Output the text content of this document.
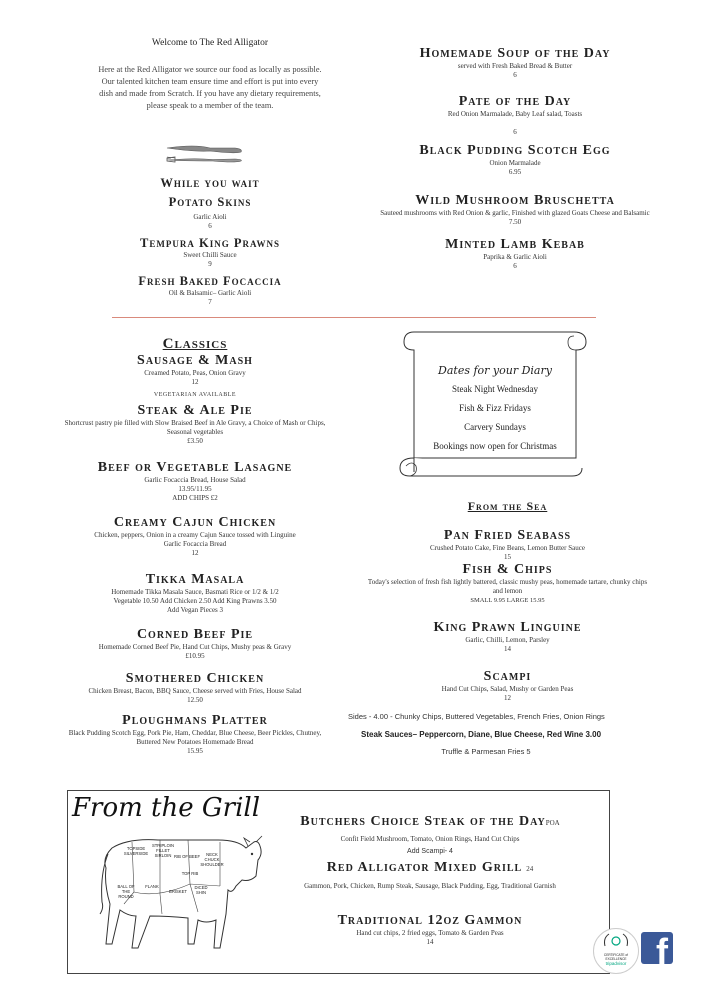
Welcome to The Red Alligator
Here at the Red Alligator we source our food as locally as possible. Our talented kitchen team ensure time and effort is put into every dish and made from Scratch. If you have any dietary requirements, please speak to a member of the team.
While you wait
Potato Skins
Garlic Aioli
6
Tempura King Prawns
Sweet Chilli Sauce
9
Fresh Baked Focaccia
Oil & Balsamic– Garlic Aioli
7
Homemade Soup of the Day
served with Fresh Baked Bread & Butter
6
Pate of the Day
Red Onion Marmalade, Baby Leaf salad, Toasts
6
Black Pudding Scotch Egg
Onion Marmalade
6.95
Wild Mushroom Bruschetta
Sauteed mushrooms with Red Onion & garlic, Finished with glazed Goats Cheese and Balsamic
7.50
Minted Lamb Kebab
Paprika & Garlic Aioli
6
Classics
Sausage & Mash
Creamed Potato, Peas, Onion Gravy
12
VEGETARIAN AVAILABLE
Steak & Ale Pie
Shortcrust pastry pie filled with Slow Braised Beef in Ale Gravy, a Choice of Mash or Chips, Seasonal vegetables
£3.50
Beef or Vegetable Lasagne
Garlic Focaccia Bread, House Salad
13.95/11.95
ADD CHIPS £2
Creamy Cajun Chicken
Chicken, peppers, Onion in a creamy Cajun Sauce tossed with Linguine
Garlic Focaccia Bread
12
Tikka Masala
Homemade Tikka Masala Sauce, Basmati Rice or 1/2 & 1/2
Vegetable 10.50 Add Chicken 2.50 Add King Prawns 3.50
Add Vegan Pieces 3
Corned Beef Pie
Homemade Corned Beef Pie, Hand Cut Chips, Mushy peas & Gravy
£10.95
Smothered Chicken
Chicken Breast, Bacon, BBQ Sauce, Cheese served with Fries, House Salad
12.50
Ploughmans Platter
Black Pudding Scotch Egg, Pork Pie, Ham, Cheddar, Blue Cheese, Beer Pickles, Chutney, Buttered New Potatoes Homemade Bread
15.95
Dates for your Diary
Steak Night Wednesday
Fish & Fizz Fridays
Carvery Sundays
Bookings now open for Christmas
From the Sea
Pan Fried Seabass
Crushed Potato Cake, Fine Beans, Lemon Butter Sauce
15
Fish & Chips
Today's selection of fresh fish lightly battered, classic mushy peas, homemade tartare, chunky chips and lemon
SMALL 9.95 LARGE 15.95
King Prawn Linguine
Garlic, Chilli, Lemon, Parsley
14
Scampi
Hand Cut Chips, Salad, Mushy or Garden Peas
12
Sides - 4.00 - Chunky Chips, Buttered Vegetables, French Fries, Onion Rings
Steak Sauces– Peppercorn, Diane, Blue Cheese, Red Wine 3.00
Truffle & Parmesan Fries 5
From the Grill
TOPSIDE SILVERSIDE
STRIPLOIN FILLET SIRLOIN RIB OF BEEF	NECK CHUCK SHOULDER
TOP RIB
FLANK
BRISKET
DICED SHIN
BALL OF THE ROUND
Butchers Choice Steak of the DayPOA
Confit Field Mushroom, Tomato, Onion Rings, Hand Cut Chips
Add Scampi- 4
Red Alligator Mixed Grill 24
Gammon, Pork, Chicken, Rump Steak, Sausage, Black Pudding, Egg, Traditional Garnish
Traditional 12oz Gammon
Hand cut chips, 2 fried eggs, Tomato & Garden Peas
14
CERTIFICATE of EXCELLENCE
tripadvisor f
